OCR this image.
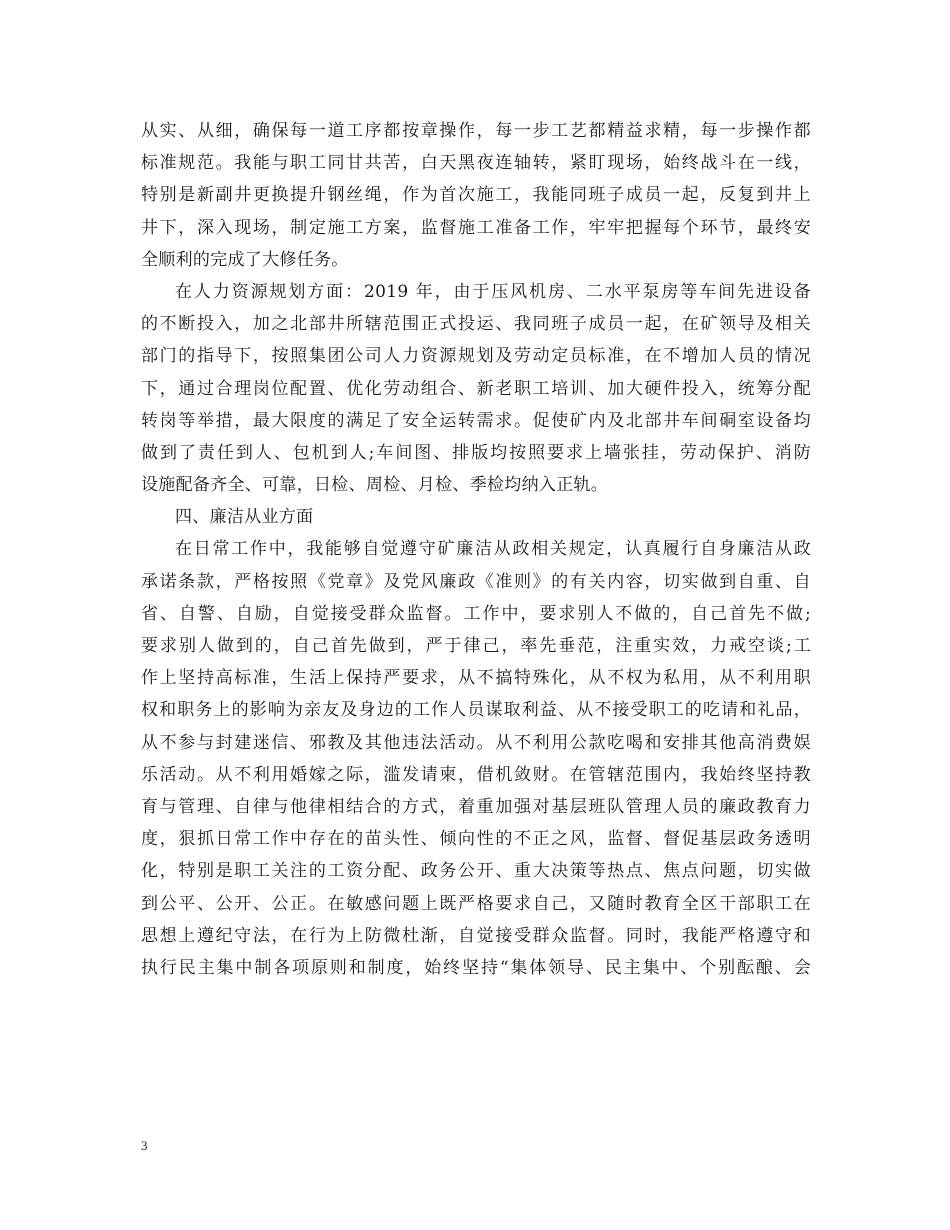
从实、从细，确保每一道工序都按章操作，每一步工艺都精益求精，每一步操作都
标准规范。我能与职工同甘共苦，白天黑夜连轴转，紧盯现场，始终战斗在一线，
特别是新副井更换提升钢丝绳，作为首次施工，我能同班子成员一起，反复到井上
井下，深入现场，制定施工方案，监督施工准备工作，牢牢把握每个环节，最终安
全顺利的完成了大修任务。
在人力资源规划方面：2019 年，由于压风机房、二水平泵房等车间先进设备
的不断投入，加之北部井所辖范围正式投运、我同班子成员一起，在矿领导及相关
部门的指导下，按照集团公司人力资源规划及劳动定员标准，在不增加人员的情况
下，通过合理岗位配置、优化劳动组合、新老职工培训、加大硬件投入，统筹分配
转岗等举措，最大限度的满足了安全运转需求。促使矿内及北部井车间硐室设备均
做到了责任到人、包机到人;车间图、排版均按照要求上墙张挂，劳动保护、消防
设施配备齐全、可靠，日检、周检、月检、季检均纳入正轨。
四、廉洁从业方面
在日常工作中，我能够自觉遵守矿廉洁从政相关规定，认真履行自身廉洁从政
承诺条款，严格按照《党章》及党风廉政《准则》的有关内容，切实做到自重、自
省、自警、自励，自觉接受群众监督。工作中，要求别人不做的，自己首先不做;
要求别人做到的，自己首先做到，严于律己，率先垂范，注重实效，力戒空谈;工
作上坚持高标准，生活上保持严要求，从不搞特殊化，从不权为私用，从不利用职
权和职务上的影响为亲友及身边的工作人员谋取利益、从不接受职工的吃请和礼品，
从不参与封建迷信、邪教及其他违法活动。从不利用公款吃喝和安排其他高消费娱
乐活动。从不利用婚嫁之际，滥发请柬，借机敛财。在管辖范围内，我始终坚持教
育与管理、自律与他律相结合的方式，着重加强对基层班队管理人员的廉政教育力
度，狠抓日常工作中存在的苗头性、倾向性的不正之风，监督、督促基层政务透明
化，特别是职工关注的工资分配、政务公开、重大决策等热点、焦点问题，切实做
到公平、公开、公正。在敏感问题上既严格要求自己，又随时教育全区干部职工在
思想上遵纪守法，在行为上防微杜渐，自觉接受群众监督。同时，我能严格遵守和
执行民主集中制各项原则和制度，始终坚持“集体领导、民主集中、个别酝酿、会
3
